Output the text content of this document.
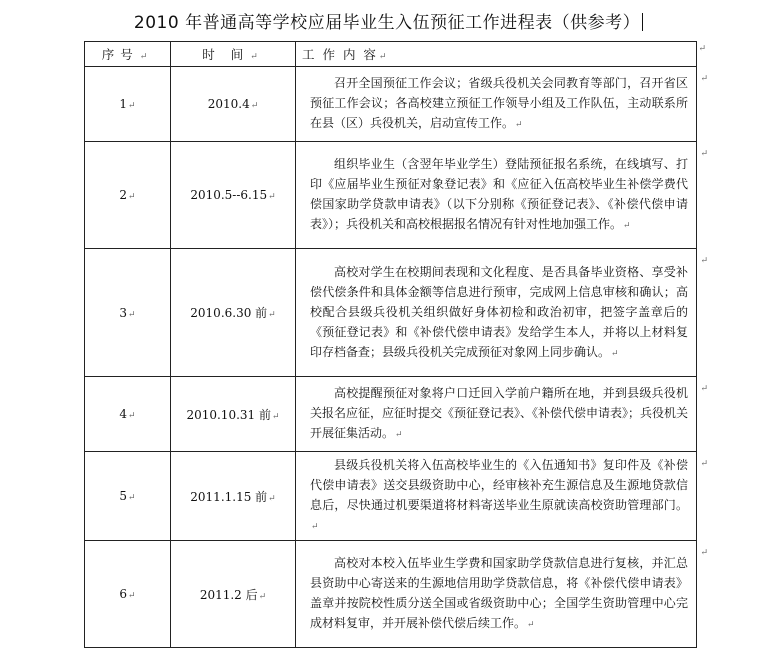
2010 年普通高等学校应届毕业生入伍预征工作进程表（供参考）
序号↵	时 间↵	工 作 内 容↵
↵

1↵	2010.4↵	召开全国预征工作会议；省级兵役机关会同教育等部门，召开省区预征工作会议；各高校建立预征工作领导小组及工作队伍，主动联系所在县（区）兵役机关，启动宣传工作。↵
↵

2↵	2010.5--6.15↵	组织毕业生（含翌年毕业学生）登陆预征报名系统，在线填写、打印《应届毕业生预征对象登记表》和《应征入伍高校毕业生补偿学费代偿国家助学贷款申请表》（以下分别称《预征登记表》、《补偿代偿申请表》）；兵役机关和高校根据报名情况有针对性地加强工作。↵
↵

3↵	2010.6.30 前↵	高校对学生在校期间表现和文化程度、是否具备毕业资格、享受补偿代偿条件和具体金额等信息进行预审，完成网上信息审核和确认；高校配合县级兵役机关组织做好身体初检和政治初审，把签字盖章后的《预征登记表》和《补偿代偿申请表》发给学生本人，并将以上材料复印存档备查；县级兵役机关完成预征对象网上同步确认。↵
↵

4↵	2010.10.31 前↵	高校提醒预征对象将户口迁回入学前户籍所在地，并到县级兵役机关报名应征，应征时提交《预征登记表》、《补偿代偿申请表》；兵役机关开展征集活动。↵
↵

5↵	2011.1.15 前↵	县级兵役机关将入伍高校毕业生的《入伍通知书》复印件及《补偿代偿申请表》送交县级资助中心，经审核补充生源信息及生源地贷款信息后，尽快通过机要渠道将材料寄送毕业生原就读高校资助管理部门。↵
↵

6↵	2011.2 后↵	高校对本校入伍毕业生学费和国家助学贷款信息进行复核，并汇总县资助中心寄送来的生源地信用助学贷款信息，将《补偿代偿申请表》盖章并按院校性质分送全国或省级资助中心；全国学生资助管理中心完成材料复审，并开展补偿代偿后续工作。↵
↵
